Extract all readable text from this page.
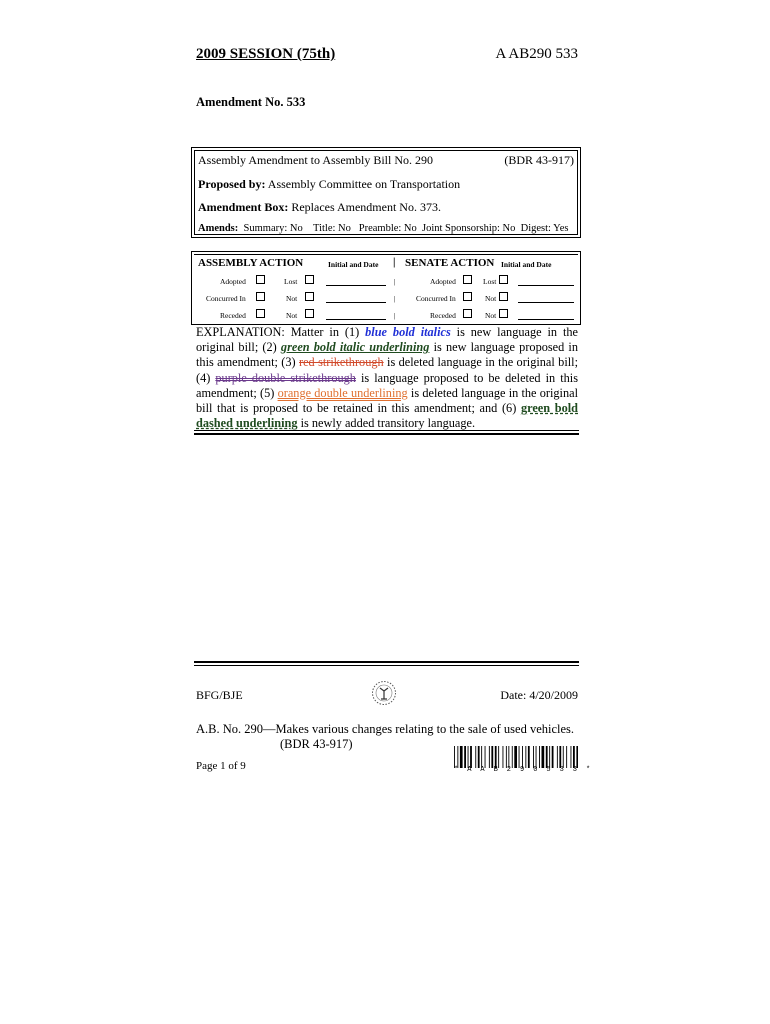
2009 SESSION (75th)	A AB290 533
Amendment No. 533
Assembly Amendment to Assembly Bill No. 290	(BDR 43-917)
Proposed by: Assembly Committee on Transportation
Amendment Box: Replaces Amendment No. 373.
Amends: Summary: No    Title: No   Preamble: No  Joint Sponsorship: No  Digest: Yes
ASSEMBLY ACTION	Initial and Date | SENATE ACTION Initial and Date
Adopted	Lost	|	Adopted	Lost
Concurred In	Not	|	Concurred In	Not
Receded	Not	|	Receded	Not
EXPLANATION: Matter in (1) blue bold italics is new language in the original bill; (2) green bold italic underlining is new language proposed in this amendment; (3) red strikethrough is deleted language in the original bill; (4) purple double strikethrough is language proposed to be deleted in this amendment; (5) orange double underlining is deleted language in the original bill that is proposed to be retained in this amendment; and (6) green bold dashed underlining is newly added transitory language.
BFG/BJE	Date: 4/20/2009
A.B. No. 290—Makes various changes relating to the sale of used vehicles.
(BDR 43-917)
Page 1 of 9	* A A B 2 9 0 5 3 3 *
